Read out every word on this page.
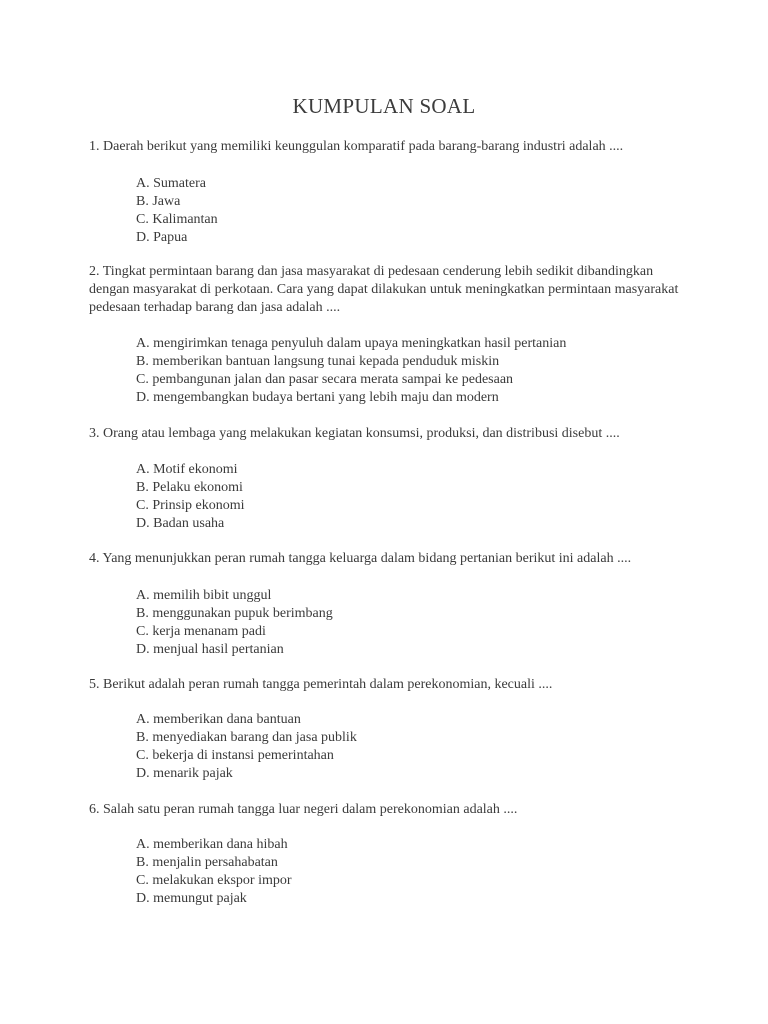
KUMPULAN SOAL

1. Daerah berikut yang memiliki keunggulan komparatif pada barang-barang industri adalah ....

A. Sumatera
B. Jawa
C. Kalimantan
D. Papua

2. Tingkat permintaan barang dan jasa masyarakat di pedesaan cenderung lebih sedikit dibandingkan dengan masyarakat di perkotaan. Cara yang dapat dilakukan untuk meningkatkan permintaan masyarakat pedesaan terhadap barang dan jasa adalah ....

A. mengirimkan tenaga penyuluh dalam upaya meningkatkan hasil pertanian
B. memberikan bantuan langsung tunai kepada penduduk miskin
C. pembangunan jalan dan pasar secara merata sampai ke pedesaan
D. mengembangkan budaya bertani yang lebih maju dan modern

3. Orang atau lembaga yang melakukan kegiatan konsumsi, produksi, dan distribusi disebut ....

A. Motif ekonomi
B. Pelaku ekonomi
C. Prinsip ekonomi
D. Badan usaha

4. Yang menunjukkan peran rumah tangga keluarga dalam bidang pertanian berikut ini adalah ....

A. memilih bibit unggul
B. menggunakan pupuk berimbang
C. kerja menanam padi
D. menjual hasil pertanian

5. Berikut adalah peran rumah tangga pemerintah dalam perekonomian, kecuali ....

A. memberikan dana bantuan
B. menyediakan barang dan jasa publik
C. bekerja di instansi pemerintahan
D. menarik pajak

6. Salah satu peran rumah tangga luar negeri dalam perekonomian adalah ....

A. memberikan dana hibah
B. menjalin persahabatan
C. melakukan ekspor impor
D. memungut pajak
